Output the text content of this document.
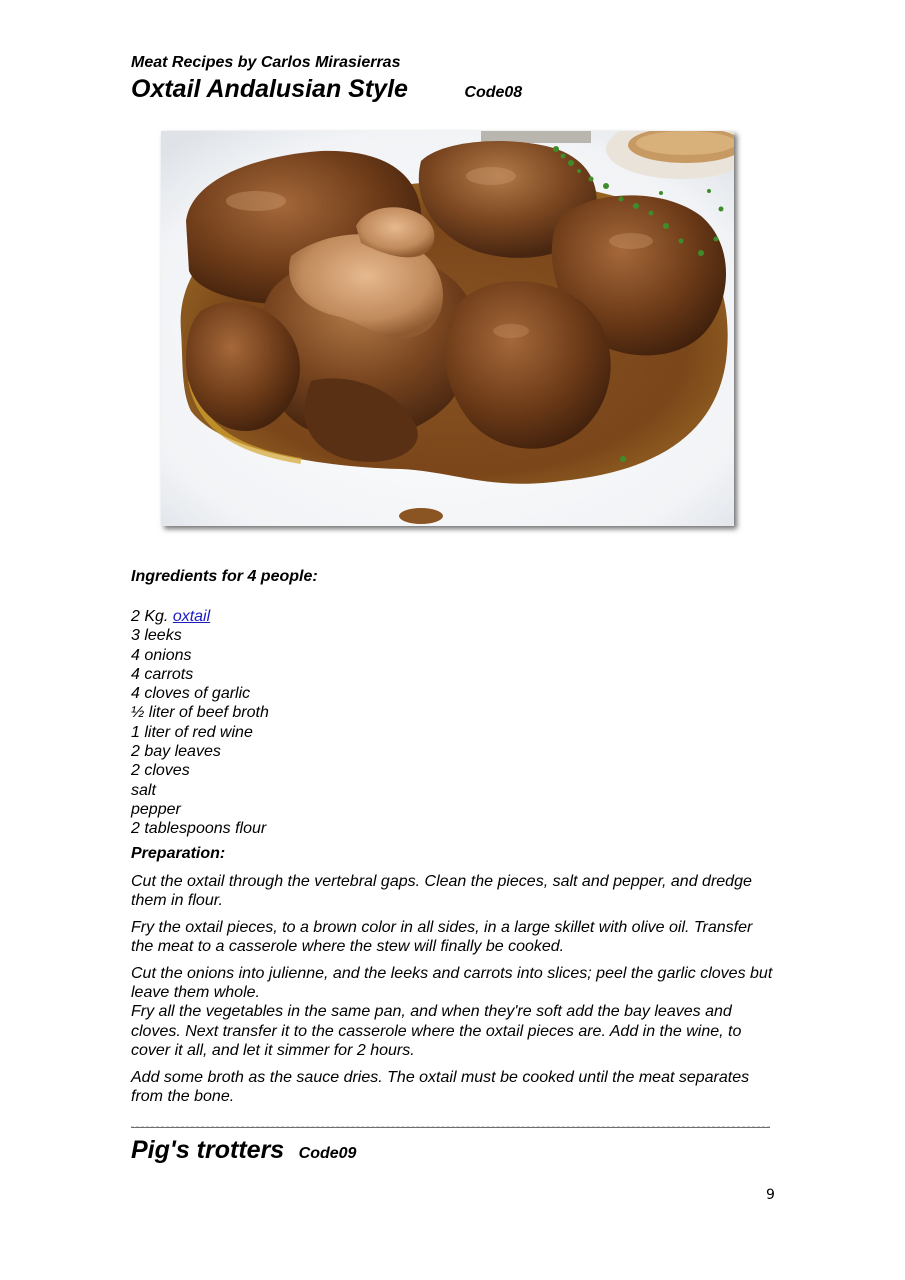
Meat Recipes by Carlos Mirasierras
Oxtail Andalusian Style	Code08
Ingredients for 4 people:
2 Kg. oxtail
3 leeks
4 onions
4 carrots
4 cloves of garlic
½ liter of beef broth
1 liter of red wine
2 bay leaves
2 cloves
salt
pepper
2 tablespoons flour
Preparation:

Cut the oxtail through the vertebral gaps. Clean the pieces, salt and pepper, and dredge them in flour.

Fry the oxtail pieces, to a brown color in all sides, in a large skillet with olive oil. Transfer the meat to a casserole where the stew will finally be cooked.

Cut the onions into julienne, and the leeks and carrots into slices; peel the garlic cloves but leave them whole.

Fry all the vegetables in the same pan, and when they're soft add the bay leaves and cloves. Next transfer it to the casserole where the oxtail pieces are. Add in the wine, to cover it all, and let it simmer for 2 hours.

Add some broth as the sauce dries. The oxtail must be cooked until the meat separates from the bone.

Pig's trotters Code09
9
